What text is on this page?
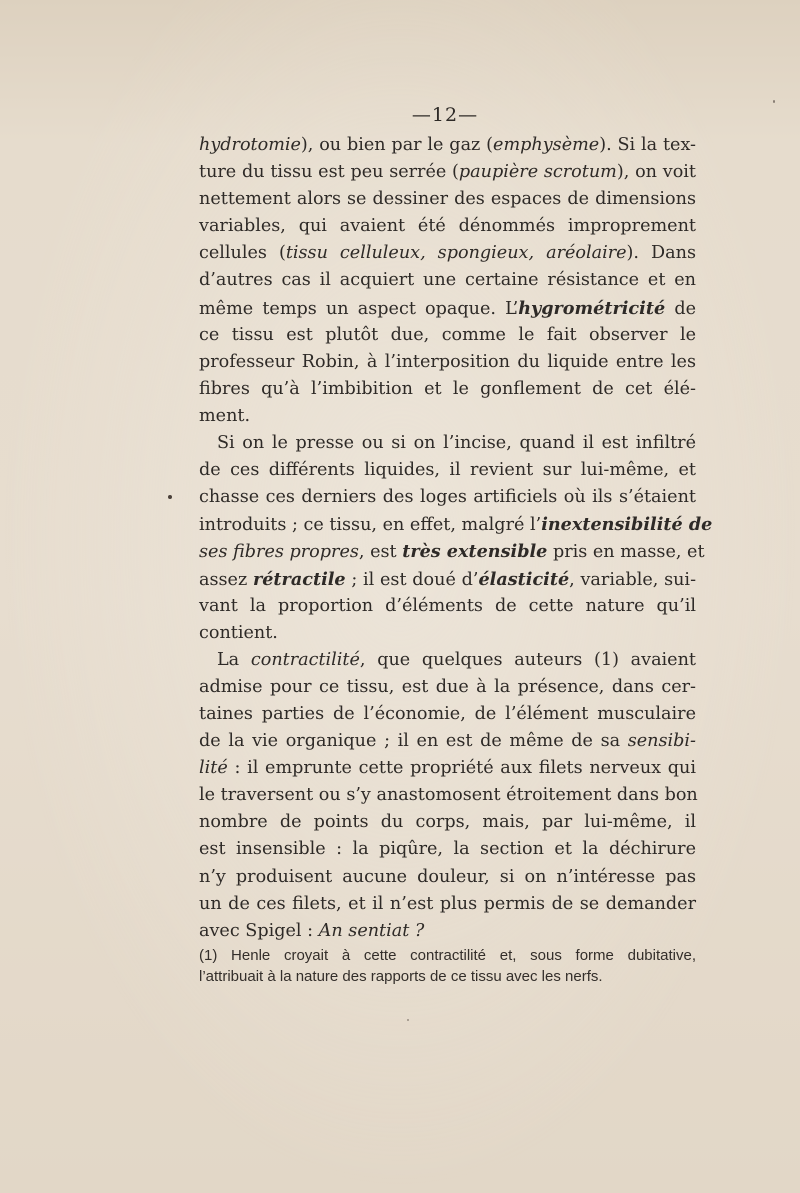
—12—
hydrotomie), ou bien par le gaz (emphysème). Si la tex-
ture du tissu est peu serrée (paupière scrotum), on voit
nettement alors se dessiner des espaces de dimensions
variables, qui avaient été dénommés improprement
cellules (tissu celluleux, spongieux, aréolaire). Dans
d’autres cas il acquiert une certaine résistance et en
même temps un aspect opaque. L’hygrométricité de
ce tissu est plutôt due, comme le fait observer le
professeur Robin, à l’interposition du liquide entre les
fibres qu’à l’imbibition et le gonflement de cet élé-
ment.
Si on le presse ou si on l’incise, quand il est infiltré
de ces différents liquides, il revient sur lui-même, et
chasse ces derniers des loges artificiels où ils s’étaient
introduits ; ce tissu, en effet, malgré l’inextensibilité de
ses fibres propres, est très extensible pris en masse, et
assez rétractile ; il est doué d’élasticité, variable, sui-
vant la proportion d’éléments de cette nature qu’il
contient.
La contractilité, que quelques auteurs (1) avaient
admise pour ce tissu, est due à la présence, dans cer-
taines parties de l’économie, de l’élément musculaire
de la vie organique ; il en est de même de sa sensibi-
lité : il emprunte cette propriété aux filets nerveux qui
le traversent ou s’y anastomosent étroitement dans bon
nombre de points du corps, mais, par lui-même, il
est insensible : la piqûre, la section et la déchirure
n’y produisent aucune douleur, si on n’intéresse pas
un de ces filets, et il n’est plus permis de se demander
avec Spigel : An sentiat ?
(1) Henle croyait à cette contractilité et, sous forme dubitative,
l’attribuait à la nature des rapports de ce tissu avec les nerfs.
